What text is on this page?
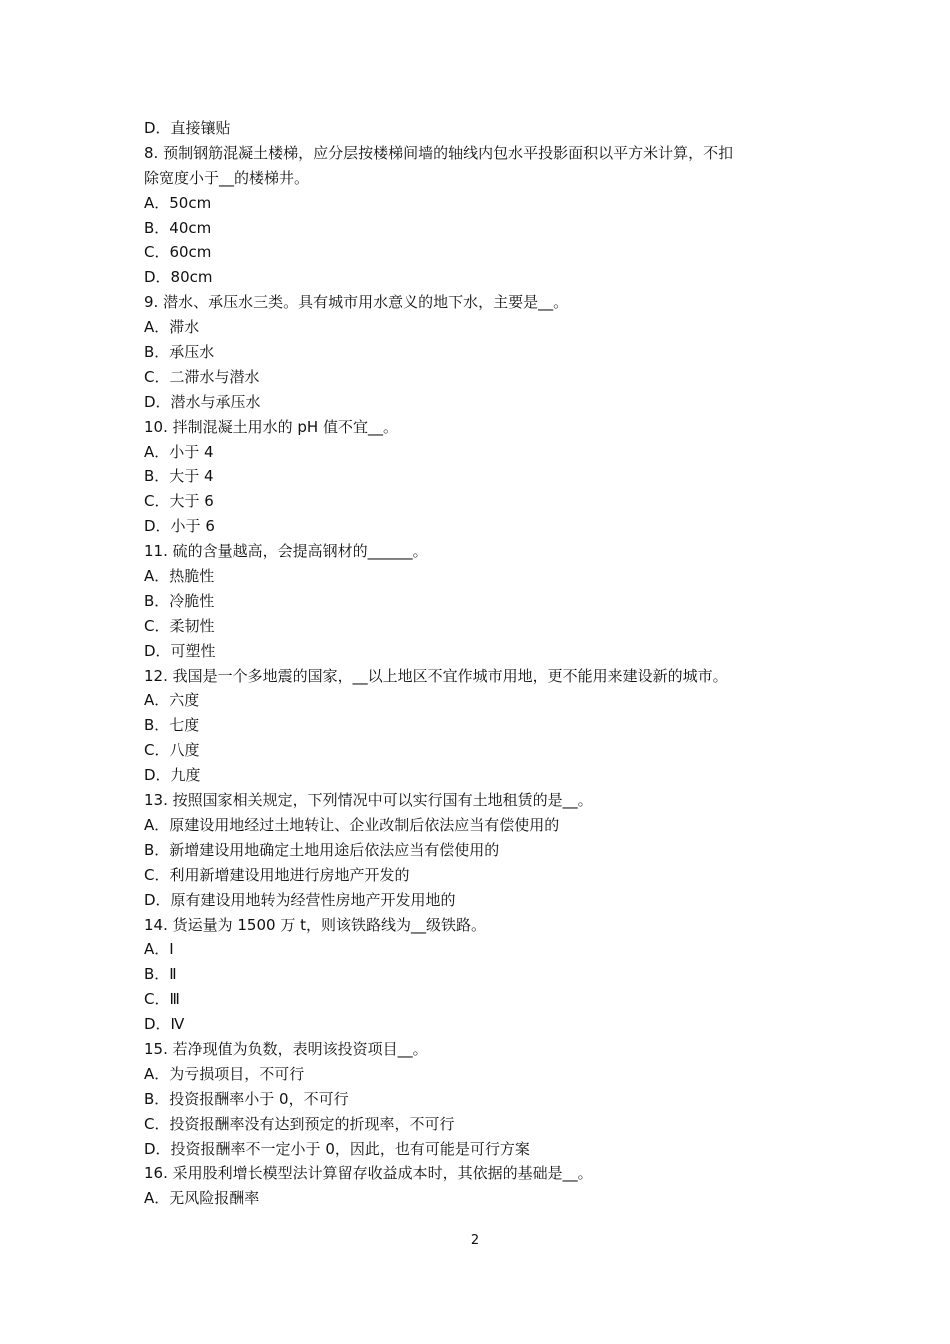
D．直接镶贴
8. 预制钢筋混凝土楼梯，应分层按楼梯间墙的轴线内包水平投影面积以平方米计算，不扣
除宽度小于__的楼梯井。
A．50cm
B．40cm
C．60cm
D．80cm
9. 潜水、承压水三类。具有城市用水意义的地下水，主要是__。
A．滞水
B．承压水
C．二滞水与潜水
D．潜水与承压水
10. 拌制混凝土用水的 pH 值不宜__。
A．小于 4
B．大于 4
C．大于 6
D．小于 6
11. 硫的含量越高，会提高钢材的______。
A．热脆性
B．冷脆性
C．柔韧性
D．可塑性
12. 我国是一个多地震的国家，__以上地区不宜作城市用地，更不能用来建设新的城市。
A．六度
B．七度
C．八度
D．九度
13. 按照国家相关规定，下列情况中可以实行国有土地租赁的是__。
A．原建设用地经过土地转让、企业改制后依法应当有偿使用的
B．新增建设用地确定土地用途后依法应当有偿使用的
C．利用新增建设用地进行房地产开发的
D．原有建设用地转为经营性房地产开发用地的
14. 货运量为 1500 万 t，则该铁路线为__级铁路。
A．Ⅰ
B．Ⅱ
C．Ⅲ
D．Ⅳ
15. 若净现值为负数，表明该投资项目__。
A．为亏损项目，不可行
B．投资报酬率小于 0，不可行
C．投资报酬率没有达到预定的折现率，不可行
D．投资报酬率不一定小于 0，因此，也有可能是可行方案
16. 采用股利增长模型法计算留存收益成本时，其依据的基础是__。
A．无风险报酬率
2
